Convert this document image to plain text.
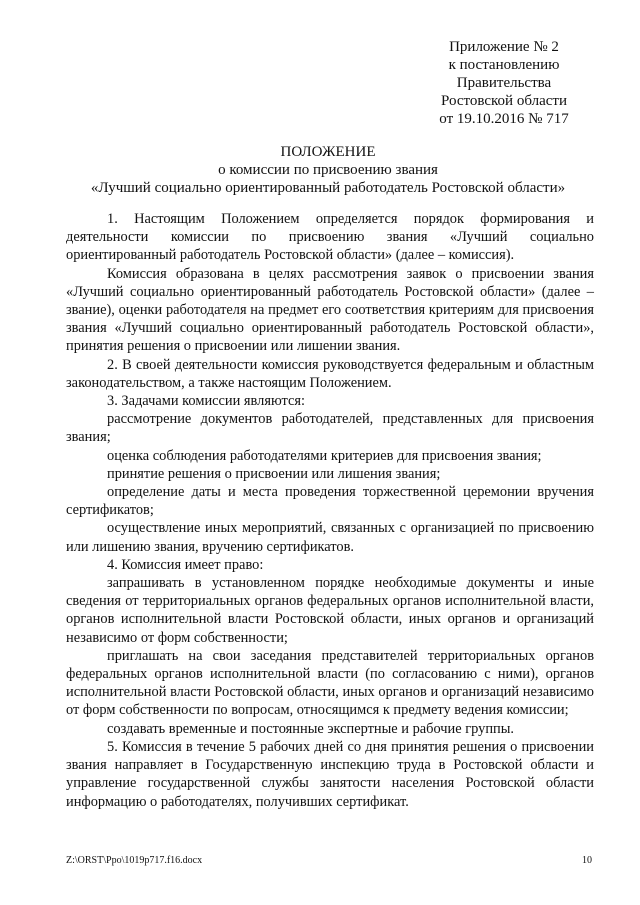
Приложение № 2
к постановлению
Правительства
Ростовской области
от 19.10.2016 № 717
ПОЛОЖЕНИЕ
о комиссии по присвоению звания
«Лучший социально ориентированный работодатель Ростовской области»

1. Настоящим Положением определяется порядок формирования и деятельности комиссии по присвоению звания «Лучший социально ориентированный работодатель Ростовской области» (далее – комиссия).

Комиссия образована в целях рассмотрения заявок о присвоении звания «Лучший социально ориентированный работодатель Ростовской области» (далее – звание), оценки работодателя на предмет его соответствия критериям для присвоения звания «Лучший социально ориентированный работодатель Ростовской области», принятия решения о присвоении или лишении звания.

2. В своей деятельности комиссия руководствуется федеральным и областным законодательством, а также настоящим Положением.

3. Задачами комиссии являются:

рассмотрение документов работодателей, представленных для присвоения звания;

оценка соблюдения работодателями критериев для присвоения звания;

принятие решения о присвоении или лишения звания;

определение даты и места проведения торжественной церемонии вручения сертификатов;

осуществление иных мероприятий, связанных с организацией по присвоению или лишению звания, вручению сертификатов.

4. Комиссия имеет право:

запрашивать в установленном порядке необходимые документы и иные сведения от территориальных органов федеральных органов исполнительной власти, органов исполнительной власти Ростовской области, иных органов и организаций независимо от форм собственности;

приглашать на свои заседания представителей территориальных органов федеральных органов исполнительной власти (по согласованию с ними), органов исполнительной власти Ростовской области, иных органов и организаций независимо от форм собственности по вопросам, относящимся к предмету ведения комиссии;

создавать временные и постоянные экспертные и рабочие группы.

5. Комиссия в течение 5 рабочих дней со дня принятия решения о присвоении звания направляет в Государственную инспекцию труда в Ростовской области и управление государственной службы занятости населения Ростовской области информацию о работодателях, получивших сертификат.

Z:\ORST\Ppo\1019p717.f16.docx	10
